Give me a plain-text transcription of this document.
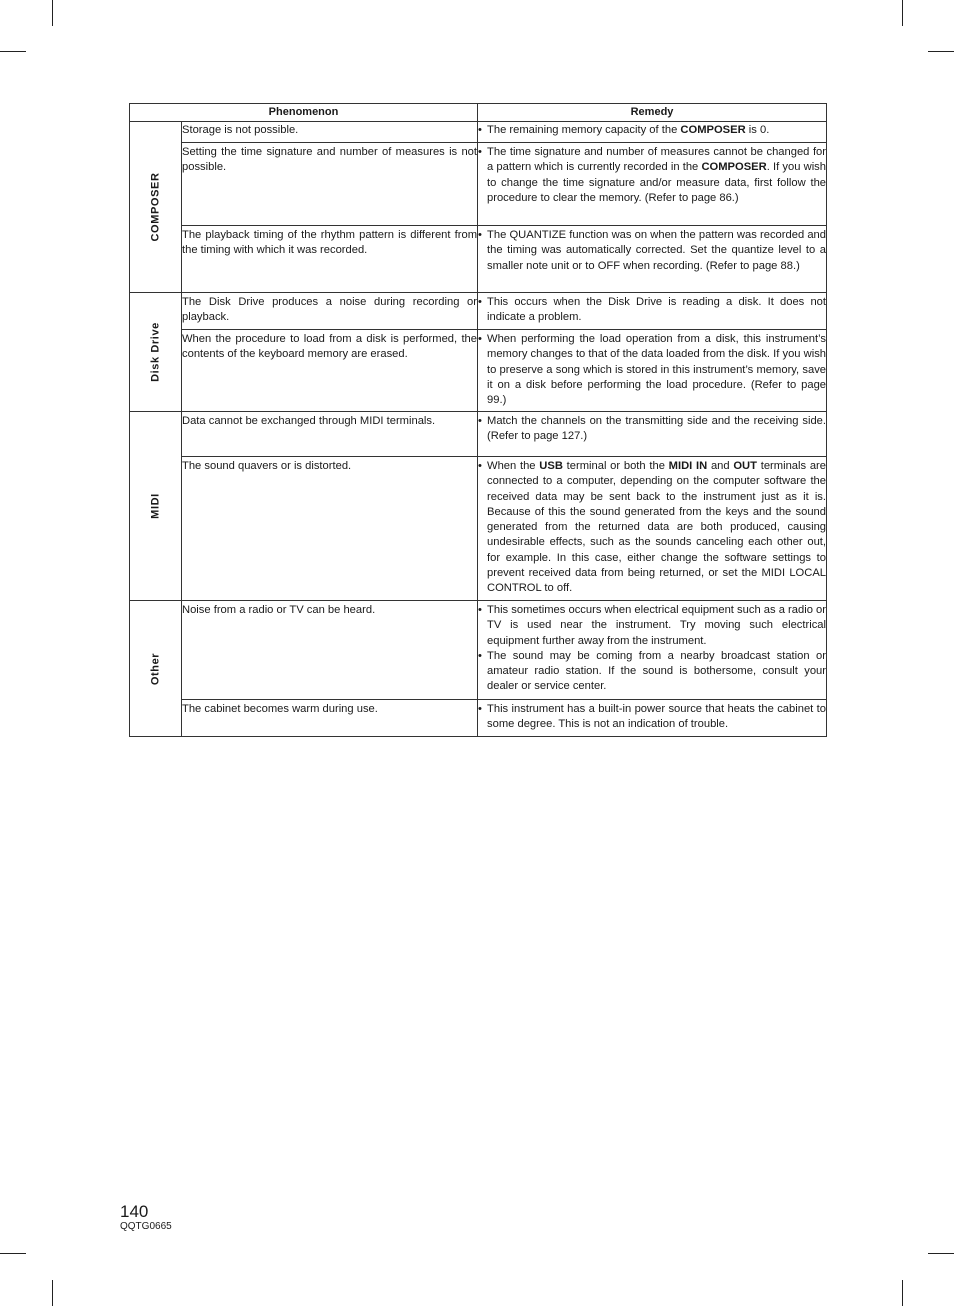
Phenomenon		Remedy

COMPOSER	Storage is not possible.	• The remaining memory capacity of the COMPOSER is 0.

	Setting the time signature and number of measures is not possible.	• The time signature and number of measures cannot be changed for a pattern which is currently recorded in the COMPOSER. If you wish to change the time signature and/or measure data, first follow the procedure to clear the memory. (Refer to page 86.)

	The playback timing of the rhythm pattern is different from the timing with which it was recorded.	• The QUANTIZE function was on when the pattern was recorded and the timing was automatically corrected. Set the quantize level to a smaller note unit or to OFF when recording. (Refer to page 88.)

Disk Drive	The Disk Drive produces a noise during recording or playback.	• This occurs when the Disk Drive is reading a disk. It does not indicate a problem.

	When the procedure to load from a disk is performed, the contents of the keyboard memory are erased.	• When performing the load operation from a disk, this instrument’s memory changes to that of the data loaded from the disk. If you wish to preserve a song which is stored in this instrument’s memory, save it on a disk before performing the load procedure. (Refer to page 99.)

MIDI	Data cannot be exchanged through MIDI terminals.	• Match the channels on the transmitting side and the receiving side. (Refer to page 127.)

	The sound quavers or is distorted.	• When the USB terminal or both the MIDI IN and OUT terminals are connected to a computer, depending on the computer software the received data may be sent back to the instrument just as it is. Because of this the sound generated from the keys and the sound generated from the returned data are both produced, causing undesirable effects, such as the sounds canceling each other out, for example. In this case, either change the software settings to prevent received data from being returned, or set the MIDI LOCAL CONTROL to off.

Other	Noise from a radio or TV can be heard.	• This sometimes occurs when electrical equipment such as a radio or TV is used near the instrument. Try moving such electrical equipment further away from the instrument.
• The sound may be coming from a nearby broadcast station or amateur radio station. If the sound is bothersome, consult your dealer or service center.

	The cabinet becomes warm during use.	• This instrument has a built-in power source that heats the cabinet to some degree. This is not an indication of trouble.
140
QQTG0665
